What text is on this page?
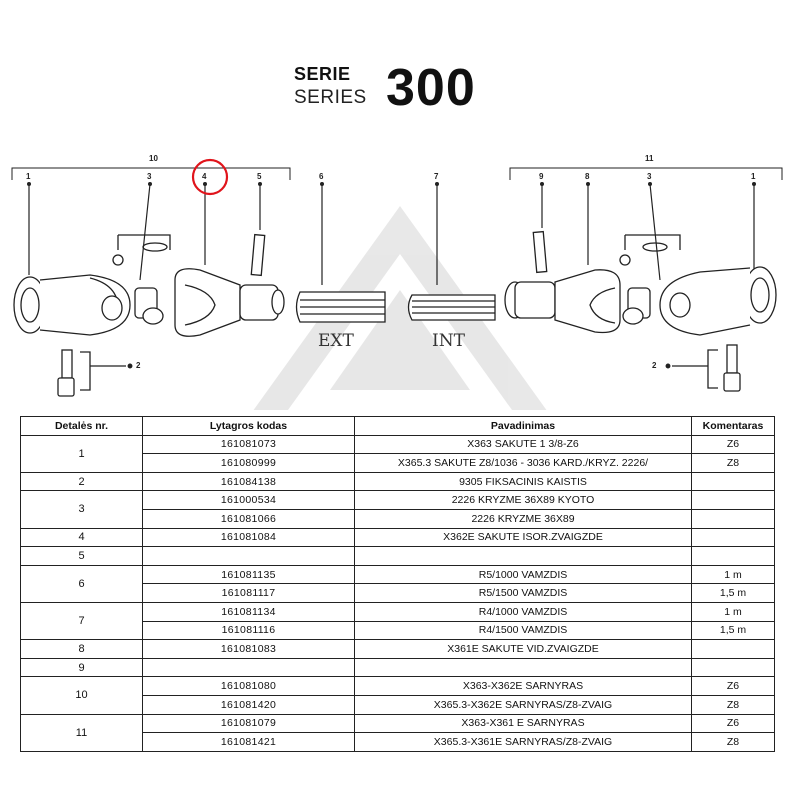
SERIE
SERIES 300
10	11
1	3	4	5	6	7	9	8	3	1
2	2
EXT	INT
Detalės nr.	Lytagros kodas	Pavadinimas	Komentaras
1	161081073	X363 SAKUTE 1 3/8-Z6	Z6
	161080999	X365.3 SAKUTE Z8/1036 - 3036 KARD./KRYZ. 2226/	Z8
2	161084138	9305 FIKSACINIS KAISTIS	
3	161000534	2226 KRYZME 36X89 KYOTO	
	161081066	2226 KRYZME 36X89	
4	161081084	X362E SAKUTE ISOR.ZVAIGZDE	
5			
6	161081135	R5/1000 VAMZDIS	1 m
	161081117	R5/1500 VAMZDIS	1,5 m
7	161081134	R4/1000 VAMZDIS	1 m
	161081116	R4/1500 VAMZDIS	1,5 m
8	161081083	X361E SAKUTE VID.ZVAIGZDE	
9			
10	161081080	X363-X362E SARNYRAS	Z6
	161081420	X365.3-X362E SARNYRAS/Z8-ZVAIG	Z8
11	161081079	X363-X361 E SARNYRAS	Z6
	161081421	X365.3-X361E SARNYRAS/Z8-ZVAIG	Z8
